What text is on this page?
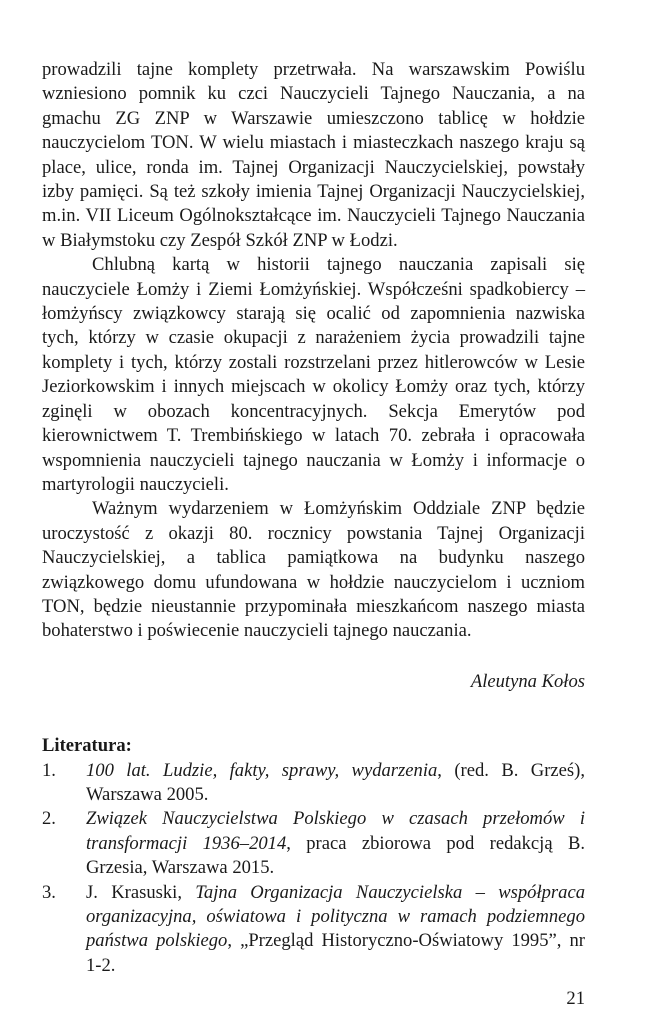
prowadzili tajne komplety przetrwała. Na warszawskim Powiślu wzniesiono pomnik ku czci Nauczycieli Tajnego Nauczania, a na gmachu ZG ZNP w Warszawie umieszczono tablicę w hołdzie nauczycielom TON. W wielu miastach i miasteczkach naszego kraju są place, ulice, ronda im. Tajnej Organizacji Nauczycielskiej, powstały izby pamięci. Są też szkoły imienia Tajnej Organizacji Nauczycielskiej, m.in. VII Liceum Ogólnokształcące im. Nauczycieli Tajnego Nauczania w Białymstoku czy Zespół Szkół ZNP w Łodzi.

Chlubną kartą w historii tajnego nauczania zapisali się nauczyciele Łomży i Ziemi Łomżyńskiej. Współcześni spadkobiercy – łomżyńscy związkowcy starają się ocalić od zapomnienia nazwiska tych, którzy w czasie okupacji z narażeniem życia prowadzili tajne komplety i tych, którzy zostali rozstrzelani przez hitlerowców w Lesie Jeziorkowskim i innych miejscach w okolicy Łomży oraz tych, którzy zginęli w obozach koncentracyjnych. Sekcja Emerytów pod kierownictwem T. Trembińskiego w latach 70. zebrała i opracowała wspomnienia nauczycieli tajnego nauczania w Łomży i informacje o martyrologii nauczycieli.

Ważnym wydarzeniem w Łomżyńskim Oddziale ZNP będzie uroczystość z okazji 80. rocznicy powstania Tajnej Organizacji Nauczycielskiej, a tablica pamiątkowa na budynku naszego związkowego domu ufundowana w hołdzie nauczycielom i uczniom TON, będzie nieustannie przypominała mieszkańcom naszego miasta bohaterstwo i poświecenie nauczycieli tajnego nauczania.

Aleutyna Kołos
Literatura:
1. 100 lat. Ludzie, fakty, sprawy, wydarzenia, (red. B. Grześ), Warszawa 2005.
2. Związek Nauczycielstwa Polskiego w czasach przełomów i transformacji 1936–2014, praca zbiorowa pod redakcją B. Grzesia, Warszawa 2015.
3. J. Krasuski, Tajna Organizacja Nauczycielska – współpraca organizacyjna, oświatowa i polityczna w ramach podziemnego państwa polskiego, „Przegląd Historyczno-Oświatowy 1995”, nr 1-2.
21
